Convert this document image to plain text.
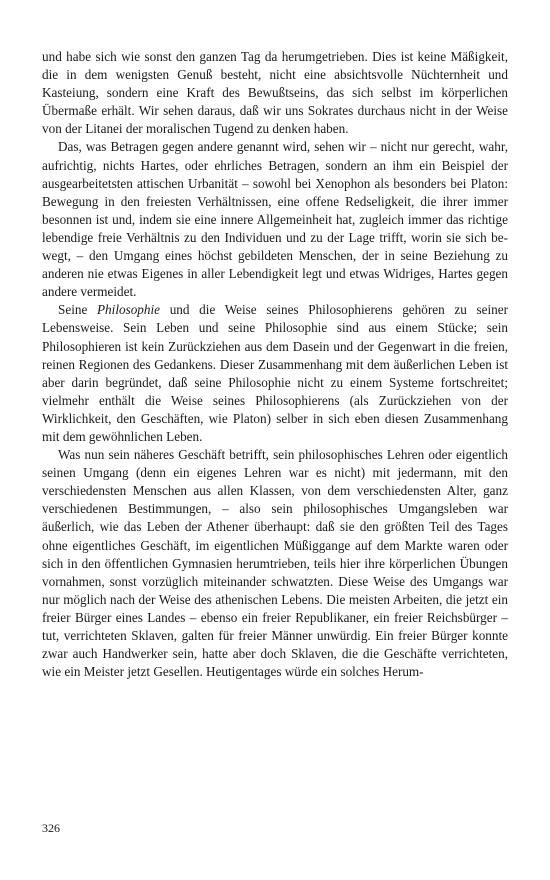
und habe sich wie sonst den ganzen Tag da herumgetrieben. Dies ist keine Mäßigkeit, die in dem wenigsten Genuß besteht, nicht eine absichtsvolle Nüchternheit und Kasteiung, sondern eine Kraft des Bewußtseins, das sich selbst im körperlichen Übermaße erhält. Wir sehen daraus, daß wir uns Sokrates durchaus nicht in der Weise von der Litanei der moralischen Tugend zu denken haben.

Das, was Betragen gegen andere genannt wird, sehen wir – nicht nur gerecht, wahr, aufrichtig, nichts Hartes, oder ehrliches Betragen, sondern an ihm ein Beispiel der ausgearbeitetsten attischen Urbanität – sowohl bei Xenophon als besonders bei Platon: Bewegung in den freiesten Verhältnissen, eine offene Redseligkeit, die ihrer immer besonnen ist und, indem sie eine innere Allgemeinheit hat, zugleich immer das richtige lebendige freie Verhältnis zu den Individuen und zu der Lage trifft, worin sie sich bewegt, – den Umgang eines höchst gebildeten Menschen, der in seine Beziehung zu anderen nie etwas Eigenes in aller Lebendigkeit legt und etwas Widriges, Hartes gegen andere vermeidet.

Seine Philosophie und die Weise seines Philosophierens gehören zu seiner Lebensweise. Sein Leben und seine Philosophie sind aus einem Stücke; sein Philosophieren ist kein Zurückziehen aus dem Dasein und der Gegenwart in die freien, reinen Regionen des Gedankens. Dieser Zusammenhang mit dem äußerlichen Leben ist aber darin begründet, daß seine Philosophie nicht zu einem Systeme fortschreitet; vielmehr enthält die Weise seines Philosophierens (als Zurückziehen von der Wirklichkeit, den Geschäften, wie Platon) selber in sich eben diesen Zusammenhang mit dem gewöhnlichen Leben.

Was nun sein näheres Geschäft betrifft, sein philosophisches Lehren oder eigentlich seinen Umgang (denn ein eigenes Lehren war es nicht) mit jedermann, mit den verschiedensten Menschen aus allen Klassen, von dem verschiedensten Alter, ganz verschiedenen Bestimmungen, – also sein philosophisches Umgangsleben war äußerlich, wie das Leben der Athener überhaupt: daß sie den größten Teil des Tages ohne eigentliches Geschäft, im eigentlichen Müßiggange auf dem Markte waren oder sich in den öffentlichen Gymnasien herumtrieben, teils hier ihre körperlichen Übungen vornahmen, sonst vorzüglich miteinander schwatzten. Diese Weise des Umgangs war nur möglich nach der Weise des athenischen Lebens. Die meisten Arbeiten, die jetzt ein freier Bürger eines Landes – ebenso ein freier Republikaner, ein freier Reichsbürger – tut, verrichteten Sklaven, galten für freier Männer unwürdig. Ein freier Bürger konnte zwar auch Handwerker sein, hatte aber doch Sklaven, die die Geschäfte verrichteten, wie ein Meister jetzt Gesellen. Heutigentages würde ein solches Herum-

326
